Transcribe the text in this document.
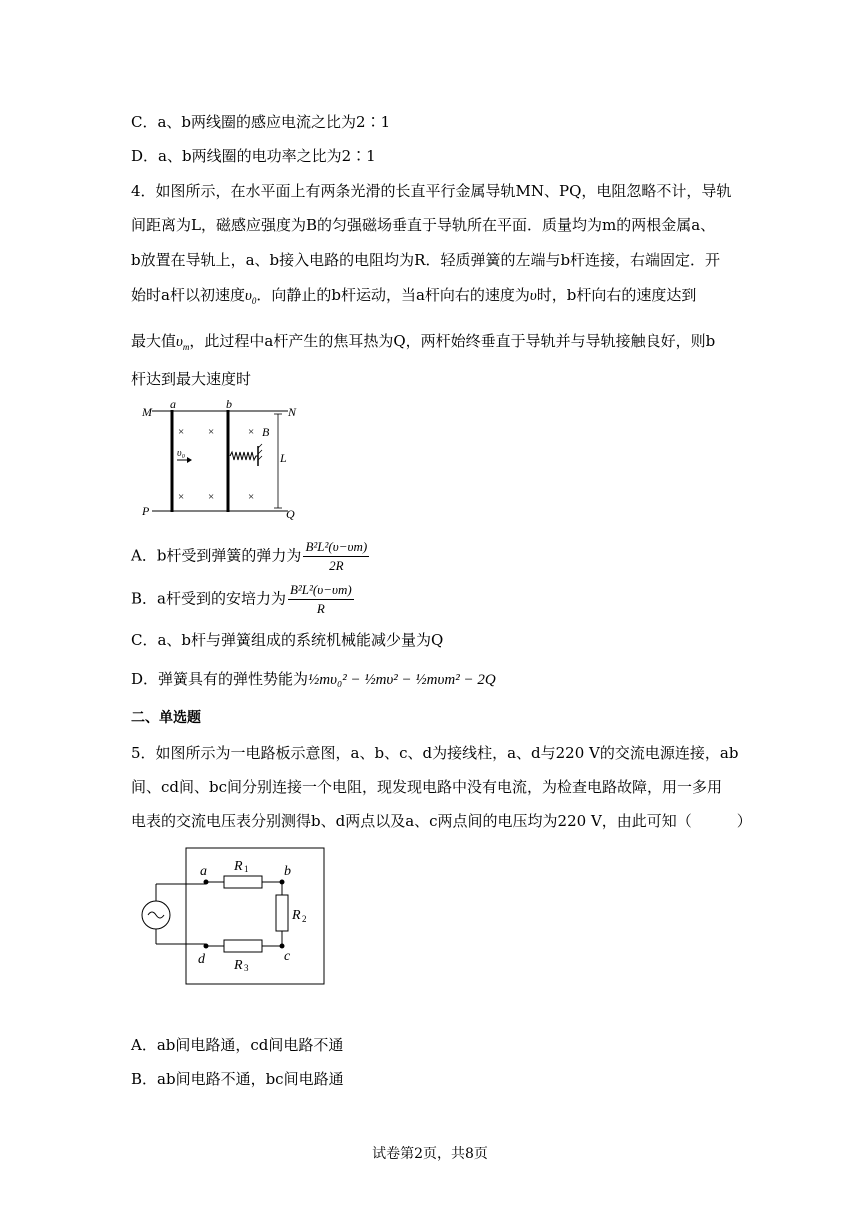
C．a、b两线圈的感应电流之比为2∶1
D．a、b两线圈的电功率之比为2∶1
4．如图所示，在水平面上有两条光滑的长直平行金属导轨MN、PQ，电阻忽略不计，导轨
间距离为L，磁感应强度为B的匀强磁场垂直于导轨所在平面．质量均为m的两根金属a、
b放置在导轨上，a、b接入电路的电阻均为R．轻质弹簧的左端与b杆连接，右端固定．开
始时a杆以初速度$\upsilon_0$．向静止的b杆运动，当a杆向右的速度为υ时，b杆向右的速度达到
最大值$\upsilon_m$，此过程中a杆产生的焦耳热为Q，两杆始终垂直于导轨并与导轨接触良好，则b
杆达到最大速度时
M
a	b
N
P	Q
B
L
υ₀
× ×	×
× ×	×
A．b杆受到弹簧的弹力为 $\frac{\text{B²L²(υ−υm)}}{2R}$
B．a杆受到的安培力为 $\frac{\text{B²L²(υ−υm)}}{R}$
C．a、b杆与弹簧组成的系统机械能减少量为Q
D．弹簧具有的弹性势能为½mυ₀² − ½mυ² − ½mυm² − 2Q
二、单选题
5．如图所示为一电路板示意图，a、b、c、d为接线柱，a、d与220 V的交流电源连接，ab
间、cd间、bc间分别连接一个电阻，现发现电路中没有电流，为检查电路故障，用一多用
电表的交流电压表分别测得b、d两点以及a、c两点间的电压均为220 V，由此可知（　　　）
a	b
c
d
R
R
R
1
2
3
A．ab间电路通，cd间电路不通
B．ab间电路不通，bc间电路通
试卷第2页，共8页
